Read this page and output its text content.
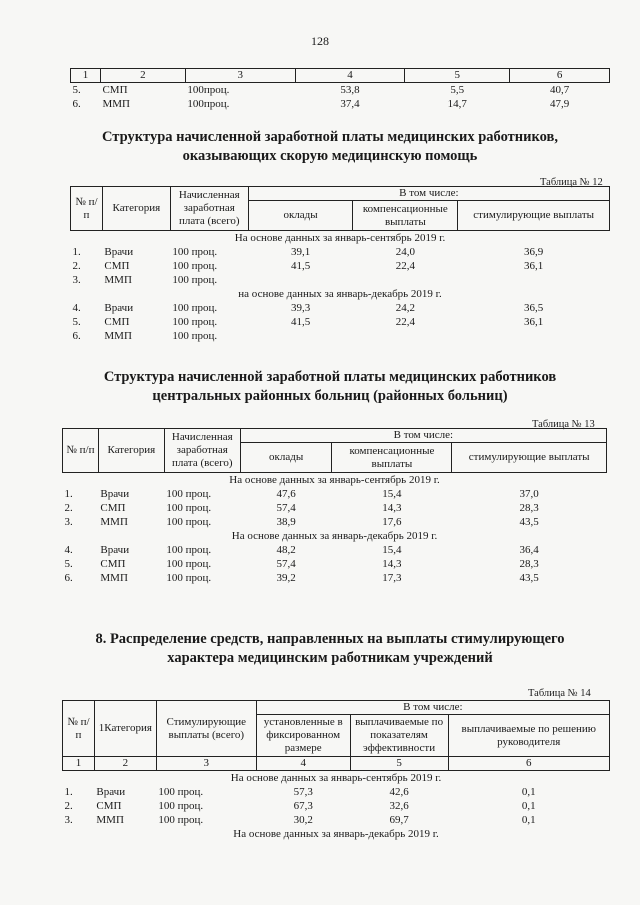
128
1	2	3	4	5	6
5.	СМП	100проц.	53,8	5,5	40,7
6.	ММП	100проц.	37,4	14,7	47,9
Структура начисленной заработной платы медицинских работников,
оказывающих скорую медицинскую помощь
Таблица № 12
№ п/п	Категория	Начисленная заработная плата (всего)	В том числе:		
			оклады	компенсационные выплаты	стимулирующие выплаты
На основе данных за январь-сентябрь 2019 г.					
1.	Врачи	100 проц.	39,1	24,0	36,9
2.	СМП	100 проц.	41,5	22,4	36,1
3.	ММП	100 проц.			
на основе данных за январь-декабрь 2019 г.					
4.	Врачи	100 проц.	39,3	24,2	36,5
5.	СМП	100 проц.	41,5	22,4	36,1
6.	ММП	100 проц.			
Структура начисленной заработной платы медицинских работников
центральных районных больниц (районных больниц)
Таблица № 13
№ п/п	Категория	Начисленная заработная плата (всего)	В том числе:		
			оклады	компенсационные выплаты	стимулирующие выплаты
На основе данных за январь-сентябрь 2019 г.					
1.	Врачи	100 проц.	47,6	15,4	37,0
2.	СМП	100 проц.	57,4	14,3	28,3
3.	ММП	100 проц.	38,9	17,6	43,5
На основе данных за январь-декабрь 2019 г.					
4.	Врачи	100 проц.	48,2	15,4	36,4
5.	СМП	100 проц.	57,4	14,3	28,3
6.	ММП	100 проц.	39,2	17,3	43,5
8. Распределение средств, направленных на выплаты стимулирующего
характера медицинским работникам учреждений
Таблица № 14
№ п/п	1Категория	Стимулирующие выплаты (всего)	В том числе:		
			установленные в фиксированном размере	выплачиваемые по показателям эффективности	выплачиваемые по решению руководителя
1	2	3	4	5	6
На основе данных за январь-сентябрь 2019 г.					
1.	Врачи	100 проц.	57,3	42,6	0,1
2.	СМП	100 проц.	67,3	32,6	0,1
3.	ММП	100 проц.	30,2	69,7	0,1
На основе данных за январь-декабрь 2019 г.					
